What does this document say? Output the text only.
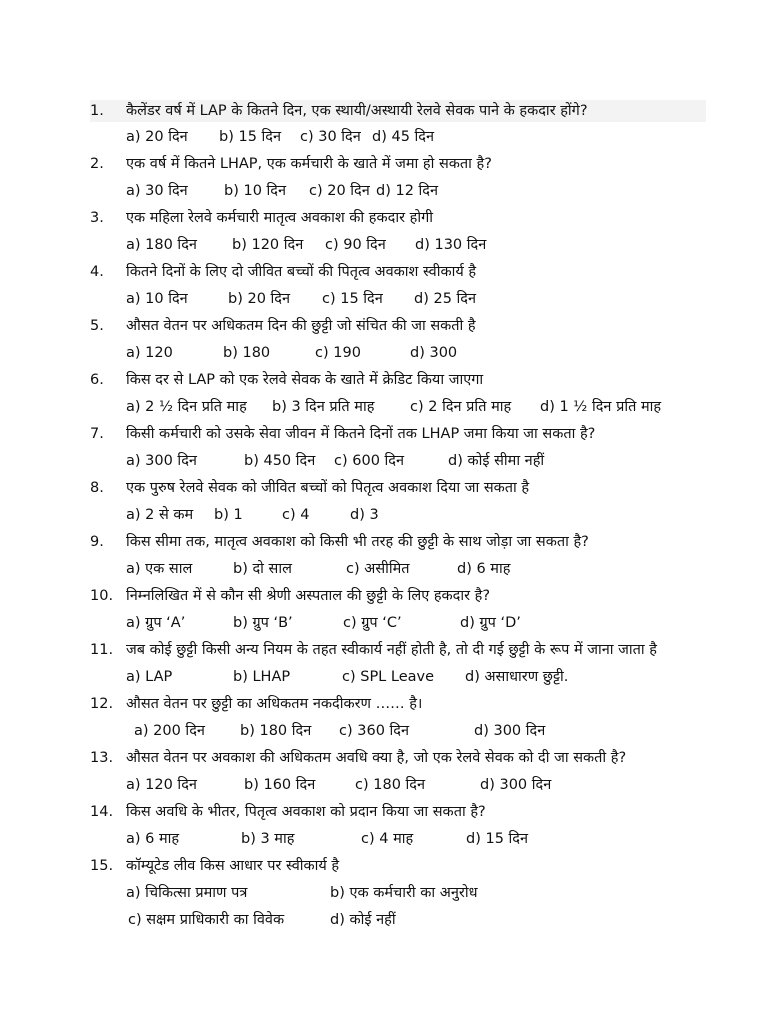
1. कैलेंडर वर्ष में LAP के कितने दिन, एक स्थायी/अस्थायी रेलवे सेवक पाने के हकदार होंगे?
a) 20 दिन b) 15 दिन c) 30 दिन d) 45 दिन
2. एक वर्ष में कितने LHAP, एक कर्मचारी के खाते में जमा हो सकता है?
a) 30 दिन	b) 10 दिन c) 20 दिन d) 12 दिन
3. एक महिला रेलवे कर्मचारी मातृत्व अवकाश की हकदार होगी
a) 180 दिन b) 120 दिन c) 90 दिन d) 130 दिन
4. कितने दिनों के लिए दो जीवित बच्चों की पितृत्व अवकाश स्वीकार्य है
a) 10 दिन	b) 20 दिन c) 15 दिन d) 25 दिन
5. औसत वेतन पर अधिकतम दिन की छुट्टी जो संचित की जा सकती है
a) 120	b) 180	c) 190	d) 300
6. किस दर से LAP को एक रेलवे सेवक के खाते में क्रेडिट किया जाएगा
a) 2 ½ दिन प्रति माह b) 3 दिन प्रति माह c) 2 दिन प्रति माह d) 1 ½ दिन प्रति माह
7. किसी कर्मचारी को उसके सेवा जीवन में कितने दिनों तक LHAP जमा किया जा सकता है?
a) 300 दिन	b) 450 दिन c) 600 दिन	d) कोई सीमा नहीं
8. एक पुरुष रेलवे सेवक को जीवित बच्चों को पितृत्व अवकाश दिया जा सकता है
a) 2 से कम b) 1	c) 4	d) 3
9. किस सीमा तक, मातृत्व अवकाश को किसी भी तरह की छुट्टी के साथ जोड़ा जा सकता है?
a) एक साल	b) दो साल	c) असीमित	d) 6 माह
10. निम्नलिखित में से कौन सी श्रेणी अस्पताल की छुट्टी के लिए हकदार है?
a) ग्रुप ‘A’	b) ग्रुप ‘B’	c) ग्रुप ‘C’	d) ग्रुप ‘D’
11. जब कोई छुट्टी किसी अन्य नियम के तहत स्वीकार्य नहीं होती है, तो दी गई छुट्टी के रूप में जाना जाता है
a) LAP	b) LHAP	c) SPL Leave d) असाधारण छुट्टी.
12. औसत वेतन पर छुट्टी का अधिकतम नकदीकरण …… है।
a) 200 दिन b) 180 दिन c) 360 दिन	d) 300 दिन
13. औसत वेतन पर अवकाश की अधिकतम अवधि क्या है, जो एक रेलवे सेवक को दी जा सकती है?
a) 120 दिन	b) 160 दिन	c) 180 दिन	d) 300 दिन
14. किस अवधि के भीतर, पितृत्व अवकाश को प्रदान किया जा सकता है?
a) 6 माह	b) 3 माह	c) 4 माह	d) 15 दिन
15. कॉम्यूटेड लीव किस आधार पर स्वीकार्य है
a) चिकित्सा प्रमाण पत्र	b) एक कर्मचारी का अनुरोध
c) सक्षम प्राधिकारी का विवेक	d) कोई नहीं
